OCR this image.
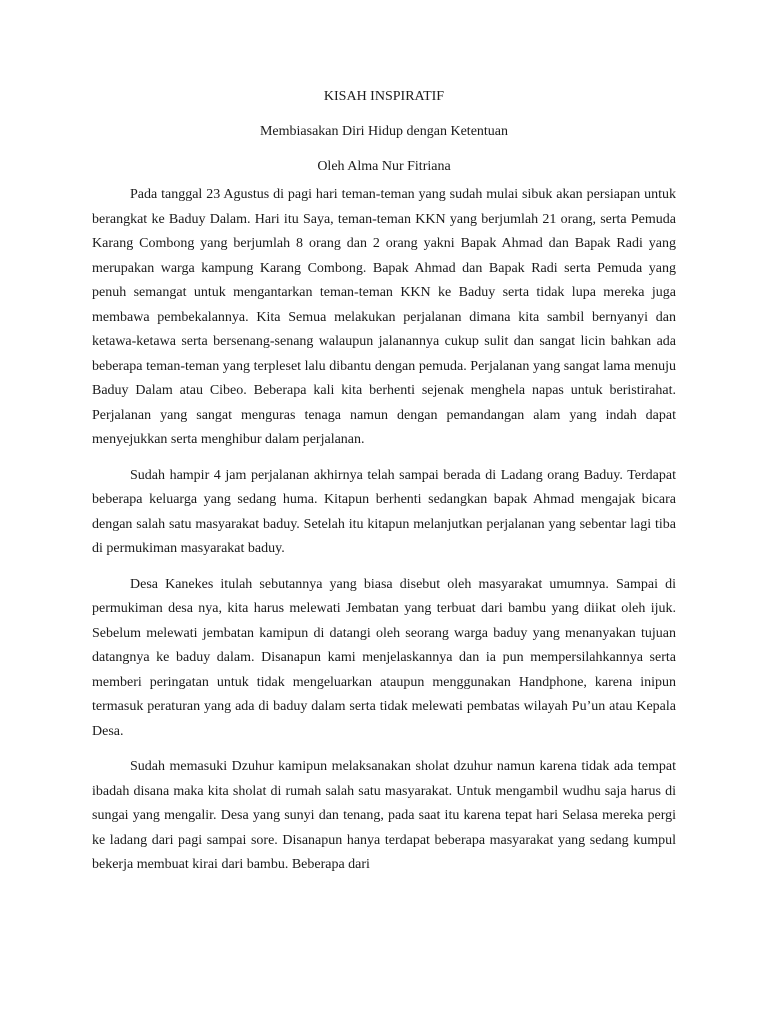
KISAH INSPIRATIF
Membiasakan Diri Hidup dengan Ketentuan
Oleh Alma Nur Fitriana

Pada tanggal 23 Agustus di pagi hari teman-teman yang sudah mulai sibuk akan persiapan untuk berangkat ke Baduy Dalam. Hari itu Saya, teman-teman KKN yang berjumlah 21 orang, serta Pemuda Karang Combong yang berjumlah 8 orang dan 2 orang yakni Bapak Ahmad dan Bapak Radi yang merupakan warga kampung Karang Combong. Bapak Ahmad dan Bapak Radi serta Pemuda yang penuh semangat untuk mengantarkan teman-teman KKN ke Baduy serta tidak lupa mereka juga membawa pembekalannya. Kita Semua melakukan perjalanan dimana kita sambil bernyanyi dan ketawa-ketawa serta bersenang-senang walaupun jalanannya cukup sulit dan sangat licin bahkan ada beberapa teman-teman yang terpleset lalu dibantu dengan pemuda. Perjalanan yang sangat lama menuju Baduy Dalam atau Cibeo. Beberapa kali kita berhenti sejenak menghela napas untuk beristirahat. Perjalanan yang sangat menguras tenaga namun dengan pemandangan alam yang indah dapat menyejukkan serta menghibur dalam perjalanan.

Sudah hampir 4 jam perjalanan akhirnya telah sampai berada di Ladang orang Baduy. Terdapat beberapa keluarga yang sedang huma. Kitapun berhenti sedangkan bapak Ahmad mengajak bicara dengan salah satu masyarakat baduy. Setelah itu kitapun melanjutkan perjalanan yang sebentar lagi tiba di permukiman masyarakat baduy.

Desa Kanekes itulah sebutannya yang biasa disebut oleh masyarakat umumnya. Sampai di permukiman desa nya, kita harus melewati Jembatan yang terbuat dari bambu yang diikat oleh ijuk. Sebelum melewati jembatan kamipun di datangi oleh seorang warga baduy yang menanyakan tujuan datangnya ke baduy dalam. Disanapun kami menjelaskannya dan ia pun mempersilahkannya serta memberi peringatan untuk tidak mengeluarkan ataupun menggunakan Handphone, karena inipun termasuk peraturan yang ada di baduy dalam serta tidak melewati pembatas wilayah Pu’un atau Kepala Desa.

Sudah memasuki Dzuhur kamipun melaksanakan sholat dzuhur namun karena tidak ada tempat ibadah disana maka kita sholat di rumah salah satu masyarakat. Untuk mengambil wudhu saja harus di sungai yang mengalir. Desa yang sunyi dan tenang, pada saat itu karena tepat hari Selasa mereka pergi ke ladang dari pagi sampai sore. Disanapun hanya terdapat beberapa masyarakat yang sedang kumpul bekerja membuat kirai dari bambu. Beberapa dari
